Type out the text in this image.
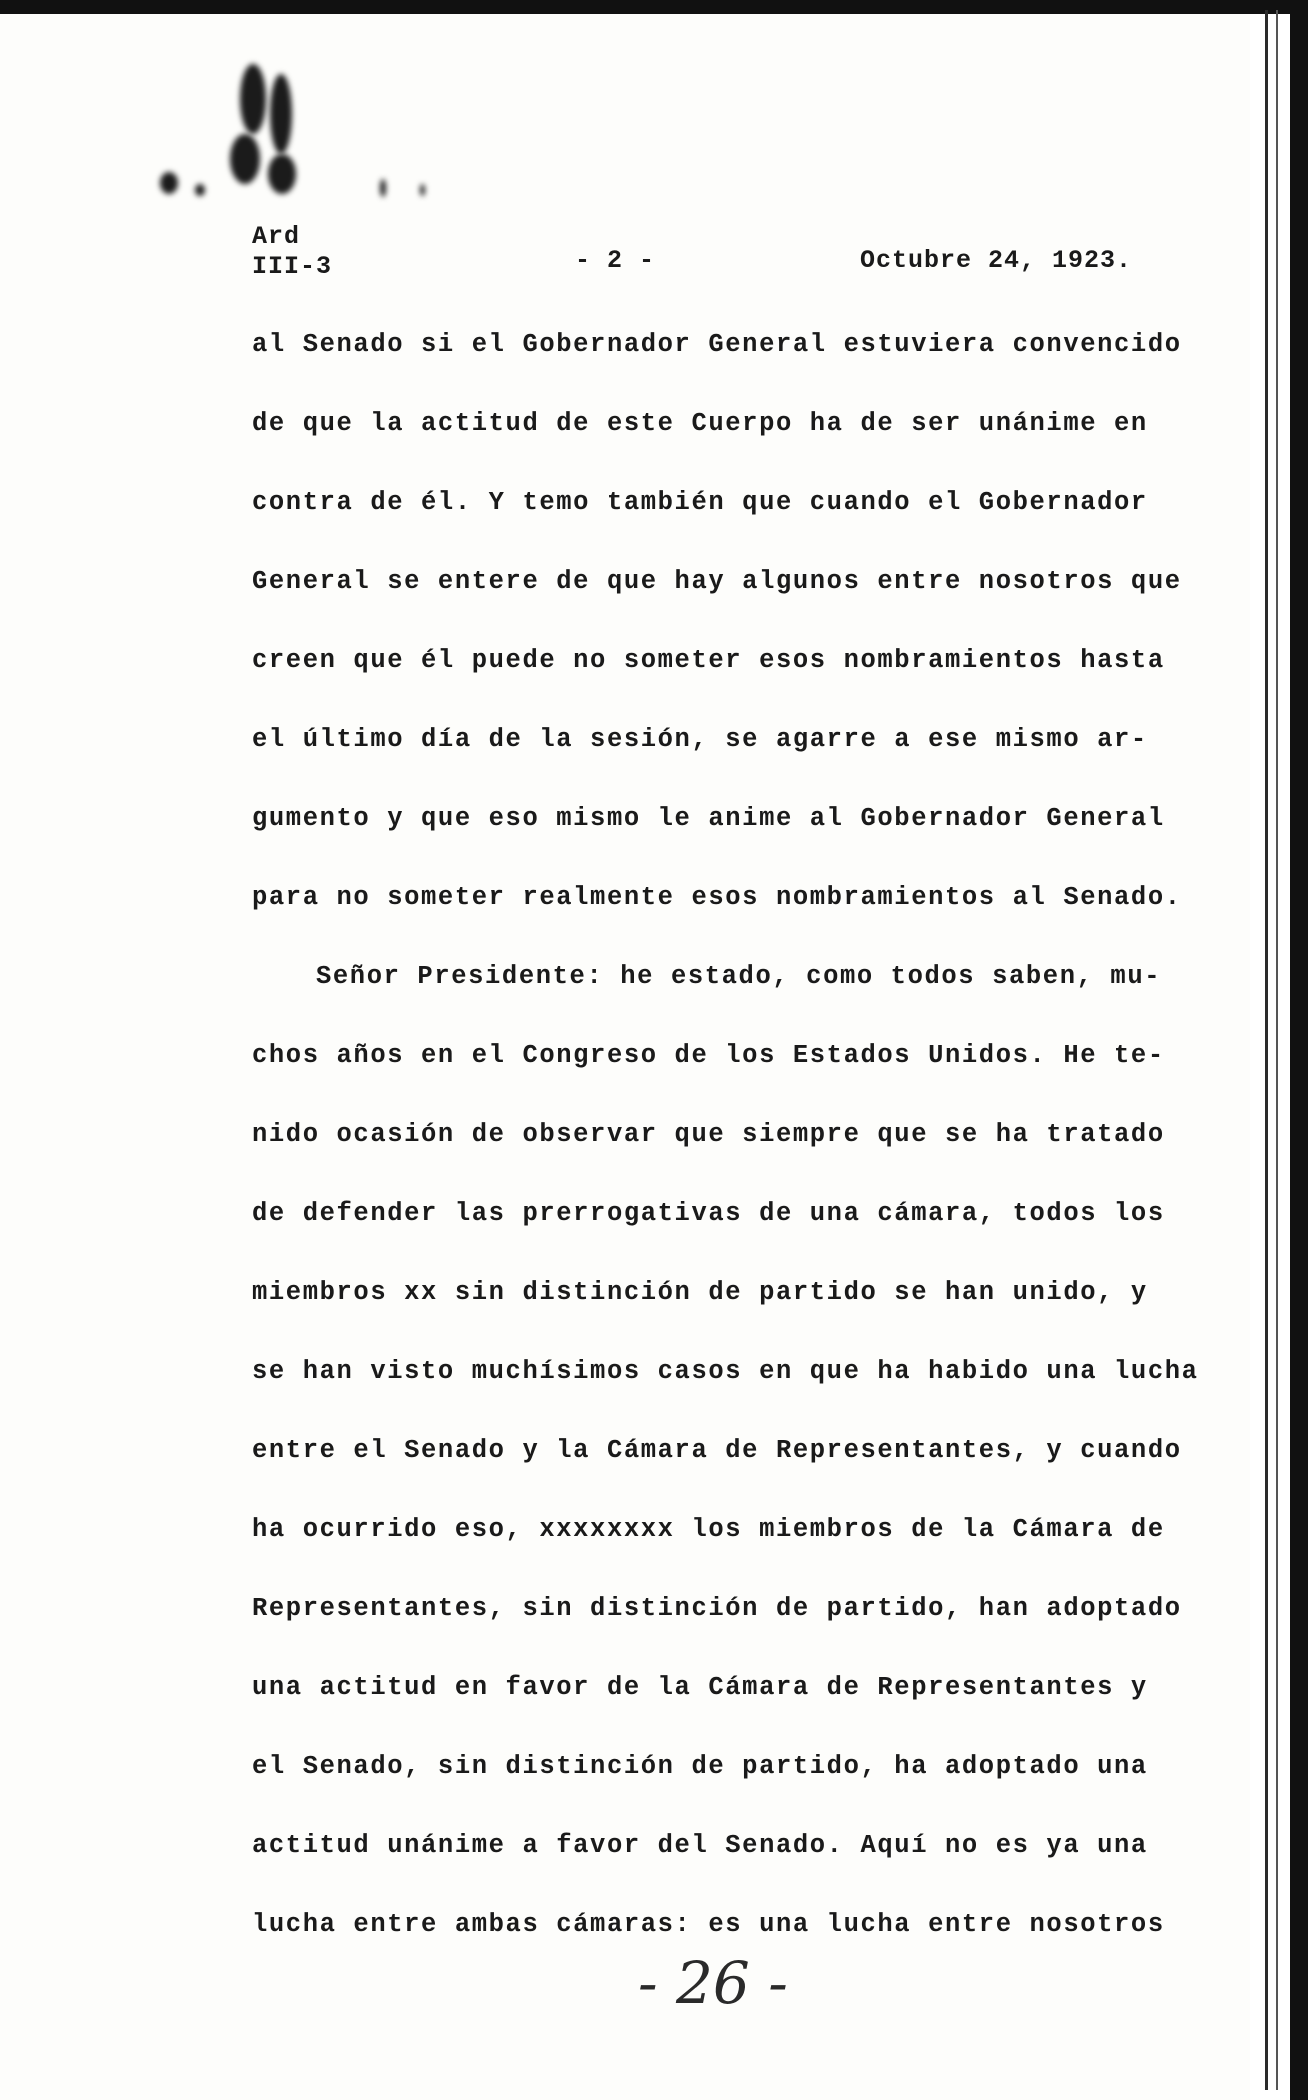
Ard
III-3	- 2 -	Octubre 24, 1923.
al Senado si el Gobernador General estuviera convencido
de que la actitud de este Cuerpo ha de ser unánime en
contra de él. Y temo también que cuando el Gobernador
General se entere de que hay algunos entre nosotros que
creen que él puede no someter esos nombramientos hasta
el último día de la sesión, se agarre a ese mismo ar-
gumento y que eso mismo le anime al Gobernador General
para no someter realmente esos nombramientos al Senado.
Señor Presidente: he estado, como todos saben, mu-
chos años en el Congreso de los Estados Unidos. He te-
nido ocasión de observar que siempre que se ha tratado
de defender las prerrogativas de una cámara, todos los
miembros xx sin distinción de partido se han unido, y
se han visto muchísimos casos en que ha habido una lucha
entre el Senado y la Cámara de Representantes, y cuando
ha ocurrido eso, xxxxxxxx los miembros de la Cámara de
Representantes, sin distinción de partido, han adoptado
una actitud en favor de la Cámara de Representantes y
el Senado, sin distinción de partido, ha adoptado una
actitud unánime a favor del Senado. Aquí no es ya una
lucha entre ambas cámaras: es una lucha entre nosotros
- 26 -
